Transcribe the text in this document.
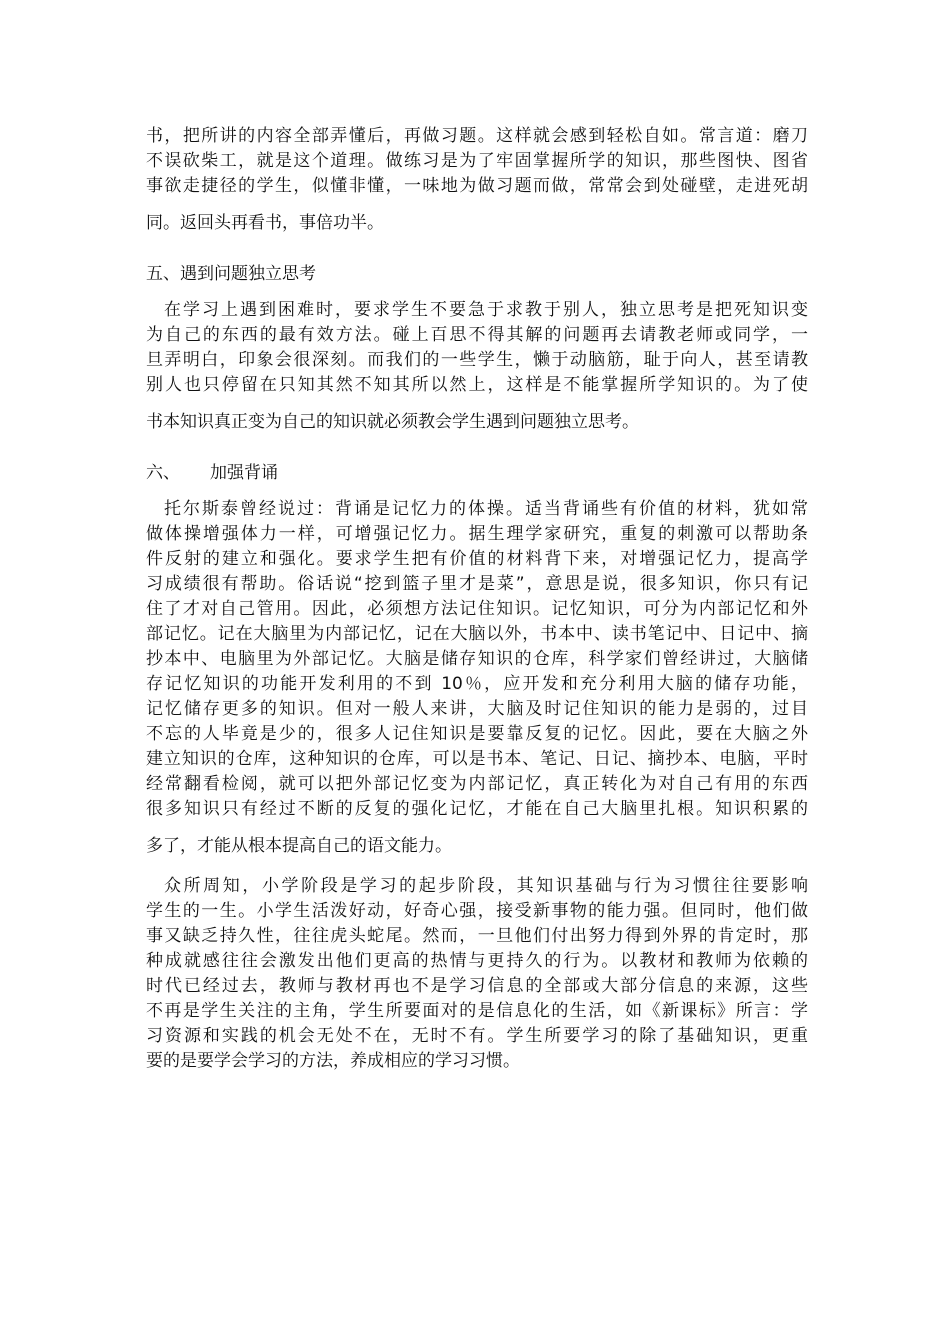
书，把所讲的内容全部弄懂后，再做习题。这样就会感到轻松自如。常言道：磨刀
不误砍柴工，就是这个道理。做练习是为了牢固掌握所学的知识，那些图快、图省
事欲走捷径的学生，似懂非懂，一味地为做习题而做，常常会到处碰壁，走进死胡
同。返回头再看书，事倍功半。
五、遇到问题独立思考
在学习上遇到困难时，要求学生不要急于求教于别人，独立思考是把死知识变
为自己的东西的最有效方法。碰上百思不得其解的问题再去请教老师或同学，一
旦弄明白，印象会很深刻。而我们的一些学生，懒于动脑筋，耻于向人，甚至请教
别人也只停留在只知其然不知其所以然上，这样是不能掌握所学知识的。为了使
书本知识真正变为自己的知识就必须教会学生遇到问题独立思考。
六、 加强背诵
托尔斯泰曾经说过：背诵是记忆力的体操。适当背诵些有价值的材料，犹如常
做体操增强体力一样，可增强记忆力。据生理学家研究，重复的刺激可以帮助条
件反射的建立和强化。要求学生把有价值的材料背下来，对增强记忆力，提高学
习成绩很有帮助。俗话说“挖到篮子里才是菜”，意思是说，很多知识，你只有记
住了才对自己管用。因此，必须想方法记住知识。记忆知识，可分为内部记忆和外
部记忆。记在大脑里为内部记忆，记在大脑以外，书本中、读书笔记中、日记中、摘
抄本中、电脑里为外部记忆。大脑是储存知识的仓库，科学家们曾经讲过，大脑储
存记忆知识的功能开发利用的不到 10％，应开发和充分利用大脑的储存功能，
记忆储存更多的知识。但对一般人来讲，大脑及时记住知识的能力是弱的，过目
不忘的人毕竟是少的，很多人记住知识是要靠反复的记忆。因此，要在大脑之外
建立知识的仓库，这种知识的仓库，可以是书本、笔记、日记、摘抄本、电脑，平时
经常翻看检阅，就可以把外部记忆变为内部记忆，真正转化为对自己有用的东西
很多知识只有经过不断的反复的强化记忆，才能在自己大脑里扎根。知识积累的
多了，才能从根本提高自己的语文能力。
众所周知，小学阶段是学习的起步阶段，其知识基础与行为习惯往往要影响
学生的一生。小学生活泼好动，好奇心强，接受新事物的能力强。但同时，他们做
事又缺乏持久性，往往虎头蛇尾。然而，一旦他们付出努力得到外界的肯定时，那
种成就感往往会激发出他们更高的热情与更持久的行为。以教材和教师为依赖的
时代已经过去，教师与教材再也不是学习信息的全部或大部分信息的来源，这些
不再是学生关注的主角，学生所要面对的是信息化的生活，如《新课标》所言：学
习资源和实践的机会无处不在，无时不有。学生所要学习的除了基础知识，更重
要的是要学会学习的方法，养成相应的学习习惯。
